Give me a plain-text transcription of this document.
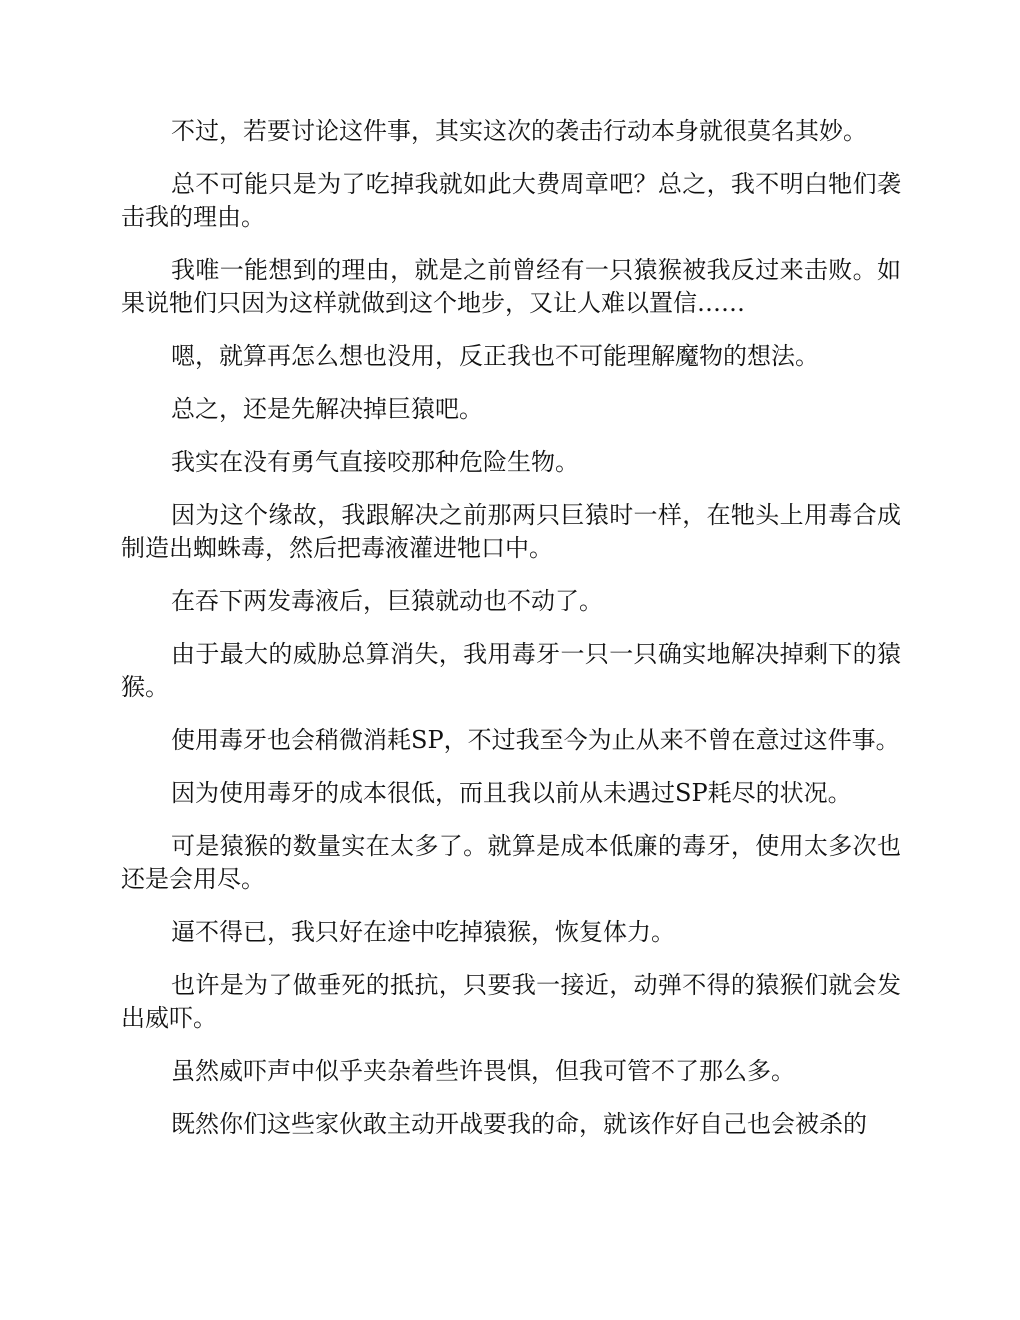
不过，若要讨论这件事，其实这次的袭击行动本身就很莫名其妙。

总不可能只是为了吃掉我就如此大费周章吧？总之，我不明白牠们袭击我的理由。

我唯一能想到的理由，就是之前曾经有一只猿猴被我反过来击败。如果说牠们只因为这样就做到这个地步，又让人难以置信……

嗯，就算再怎么想也没用，反正我也不可能理解魔物的想法。

总之，还是先解决掉巨猿吧。

我实在没有勇气直接咬那种危险生物。

因为这个缘故，我跟解决之前那两只巨猿时一样，在牠头上用毒合成制造出蜘蛛毒，然后把毒液灌进牠口中。

在吞下两发毒液后，巨猿就动也不动了。

由于最大的威胁总算消失，我用毒牙一只一只确实地解决掉剩下的猿猴。

使用毒牙也会稍微消耗SP，不过我至今为止从来不曾在意过这件事。

因为使用毒牙的成本很低，而且我以前从未遇过SP耗尽的状况。

可是猿猴的数量实在太多了。就算是成本低廉的毒牙，使用太多次也还是会用尽。

逼不得已，我只好在途中吃掉猿猴，恢复体力。

也许是为了做垂死的抵抗，只要我一接近，动弹不得的猿猴们就会发出威吓。

虽然威吓声中似乎夹杂着些许畏惧，但我可管不了那么多。

既然你们这些家伙敢主动开战要我的命，就该作好自己也会被杀的
